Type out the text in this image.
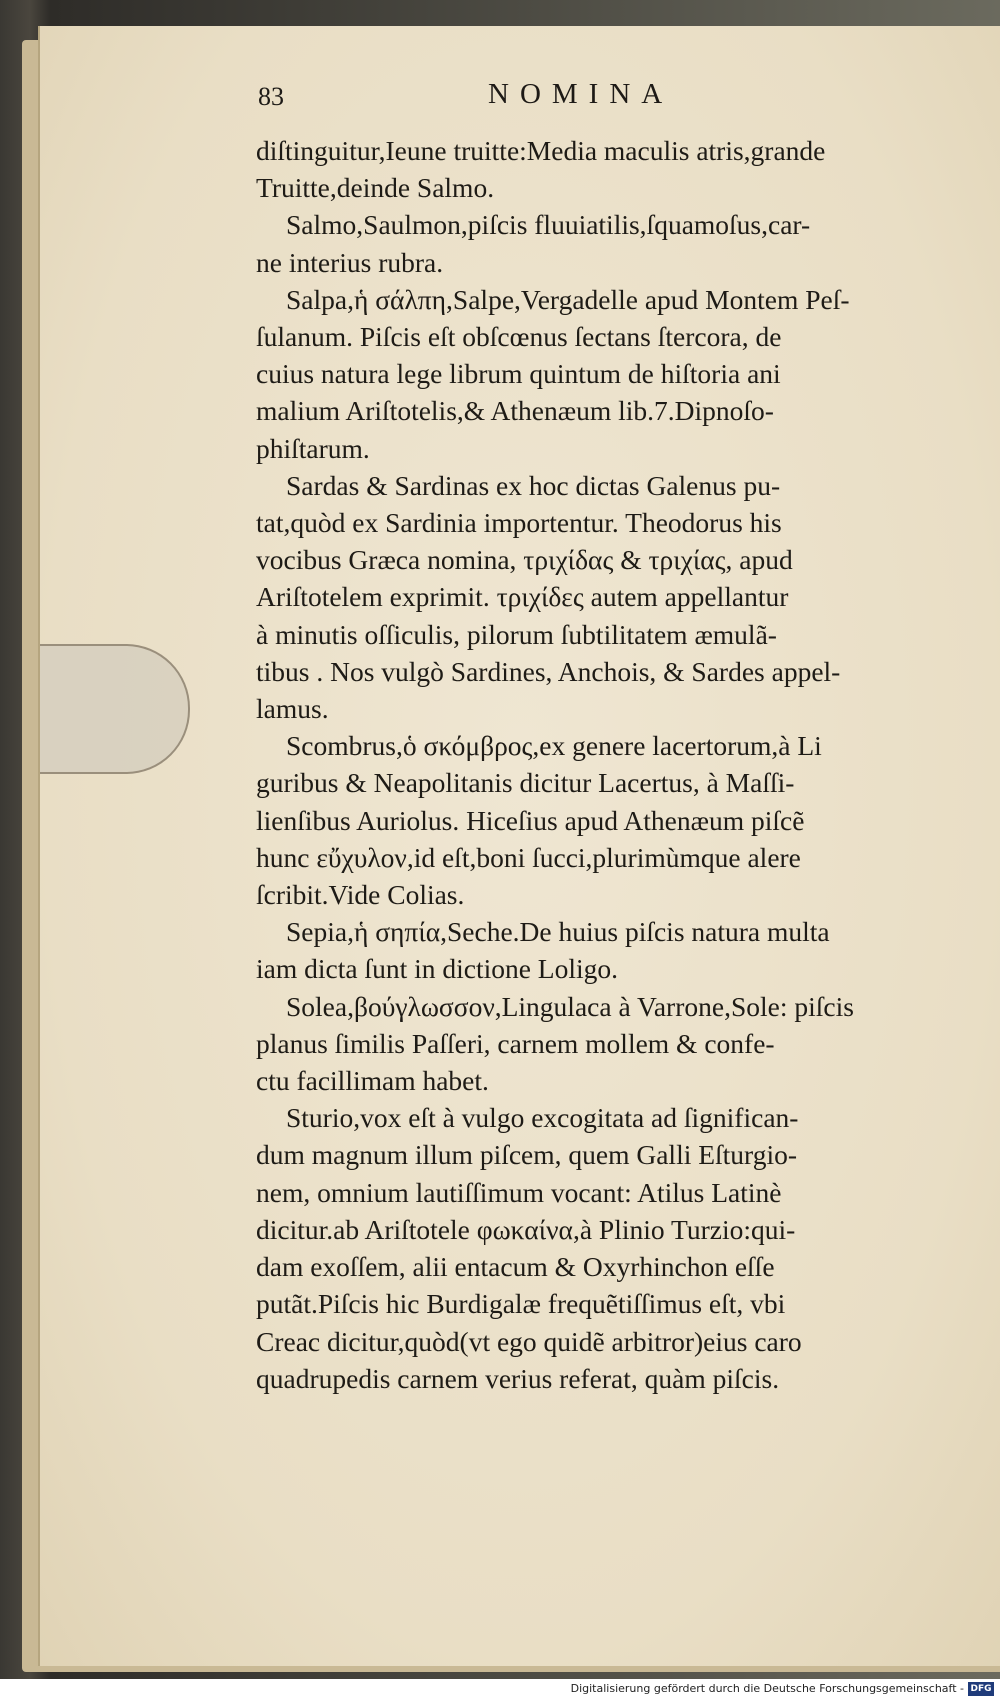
83	NOMINA

diſtinguitur,Ieune truitte:Media maculis atris,grande
Truitte,deinde Salmo.

Salmo,Saulmon,piſcis fluuiatilis,ſquamoſus,car-
ne interius rubra.

Salpa,ἡ σάλπη,Salpe,Vergadelle apud Montem Peſ-
ſulanum. Piſcis eſt obſcœnus ſectans ſtercora, de
cuius natura lege librum quintum de hiſtoria ani
malium Ariſtotelis,& Athenæum lib.7.Dipnoſo-
phiſtarum.

Sardas & Sardinas ex hoc dictas Galenus pu-
tat,quòd ex Sardinia importentur. Theodorus his
vocibus Græca nomina, τριχίδας & τριχίας, apud
Ariſtotelem exprimit. τριχίδες autem appellantur
à minutis oſſiculis, pilorum ſubtilitatem æmulã-
tibus . Nos vulgò Sardines, Anchois, & Sardes appel-
lamus.

Scombrus,ὁ σκόμβρος,ex genere lacertorum,à Li
guribus & Neapolitanis dicitur Lacertus, à Maſſi-
lienſibus Auriolus. Hiceſius apud Athenæum piſcẽ
hunc εὔχυλον,id eſt,boni ſucci,plurimùmque alere
ſcribit.Vide Colias.

Sepia,ἡ σηπία,Seche.De huius piſcis natura multa
iam dicta ſunt in dictione Loligo.

Solea,βούγλωσσον,Lingulaca à Varrone,Sole: piſcis
planus ſimilis Paſſeri, carnem mollem & confe-
ctu facillimam habet.

Sturio,vox eſt à vulgo excogitata ad ſignifican-
dum magnum illum piſcem, quem Galli Eſturgio-
nem, omnium lautiſſimum vocant: Atilus Latinè
dicitur.ab Ariſtotele φωκαίνα,à Plinio Turzio:qui-
dam exoſſem, alii entacum & Oxyrhinchon eſſe
putãt.Piſcis hic Burdigalæ frequẽtiſſimus eſt, vbi
Creac dicitur,quòd(vt ego quidẽ arbitror)eius caro
quadrupedis carnem verius referat, quàm piſcis.

Digitalisierung gefördert durch die Deutsche Forschungsgemeinschaft - DFG
